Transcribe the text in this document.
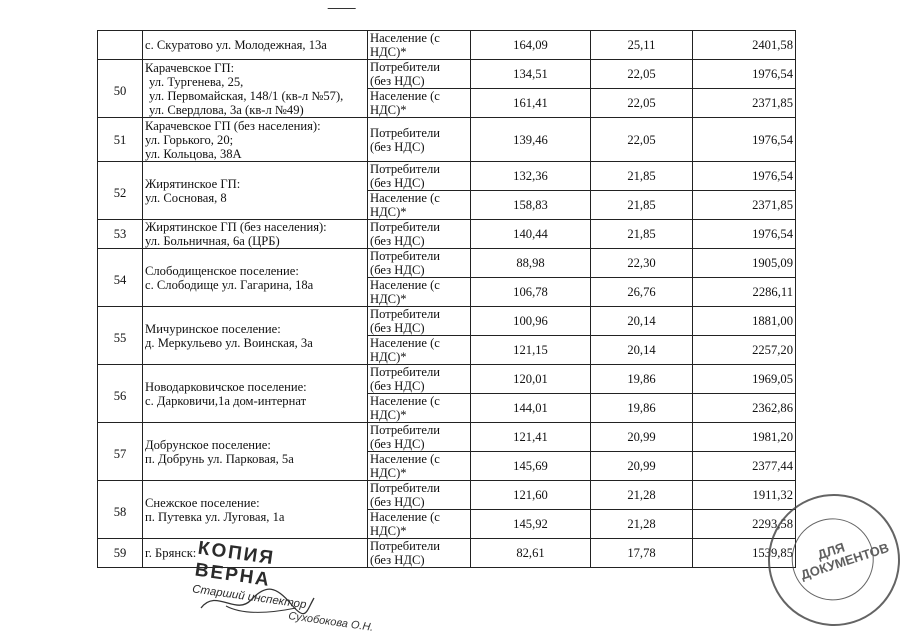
	с. Скуратово ул. Молодежная, 13а	Население (с
НДС)*	164,09	25,11	2401,58
50	Карачевское ГП:
ул. Тургенева, 25,
ул. Первомайская, 148/1 (кв-л №57),
ул. Свердлова, 3а (кв-л №49)	Потребители
(без НДС)	134,51	22,05	1976,54

		Население (с
НДС)*	161,41	22,05	2371,85
51	Карачевское ГП (без населения):
ул. Горького, 20;
ул. Кольцова, 38А	Потребители
(без НДС)	139,46	22,05	1976,54
52	Жирятинское ГП:
ул. Сосновая, 8	Потребители
(без НДС)	132,36	21,85	1976,54

		Население (с
НДС)*	158,83	21,85	2371,85
53	Жирятинское ГП (без населения):
ул. Больничная, 6а (ЦРБ)	Потребители
(без НДС)	140,44	21,85	1976,54
54	Слободищенское поселение:
с. Слободище ул. Гагарина, 18а	Потребители
(без НДС)	88,98	22,30	1905,09

		Население (с
НДС)*	106,78	26,76	2286,11
55	Мичуринское поселение:
д. Меркульево ул. Воинская, 3а	Потребители
(без НДС)	100,96	20,14	1881,00

		Население (с
НДС)*	121,15	20,14	2257,20
56	Новодарковичское поселение:
с. Дарковичи,1а дом-интернат	Потребители
(без НДС)	120,01	19,86	1969,05

		Население (с
НДС)*	144,01	19,86	2362,86
57	Добрунское поселение:
п. Добрунь ул. Парковая, 5а	Потребители
(без НДС)	121,41	20,99	1981,20

		Население (с
НДС)*	145,69	20,99	2377,44
58	Снежское поселение:
п. Путевка ул. Луговая, 1а	Потребители
(без НДС)	121,60	21,28	1911,32

		Население (с
НДС)*	145,92	21,28	2293,58
59	г. Брянск:	Потребители
(без НДС)	82,61	17,78	1539,85	ДЛЯ ДОКУМЕНТОВ
КОПИЯ ВЕРНА
Старший инспектор
Сухобокова О.Н.
